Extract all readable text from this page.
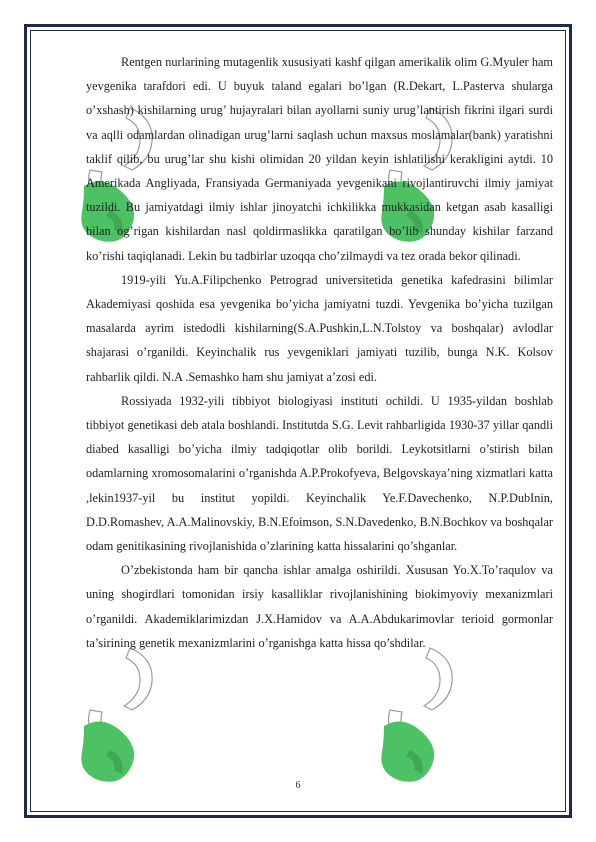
Rentgen nurlarining mutagenlik xususiyati kashf qilgan amerikalik olim G.Myuler ham yevgenika tarafdori edi. U buyuk taland egalari bo’lgan (R.Dekart, L.Pasterva shularga o’xshash) kishilarning urug’ hujayralari bilan ayollarni suniy urug’lantirish fikrini ilgari surdi va aqlli odamlardan olinadigan urug’larni saqlash uchun maxsus moslamalar(bank) yaratishni taklif qilib, bu urug’lar shu kishi olimidan 20 yildan keyin ishlatilishi kerakligini aytdi. 10 Amerikada Angliyada, Fransiyada Germaniyada yevgenikani rivojlantiruvchi ilmiy jamiyat tuzildi. Bu jamiyatdagi ilmiy ishlar jinoyatchi ichkilikka mukkasidan ketgan asab kasalligi bilan og’rigan kishilardan nasl qoldirmaslikka qaratilgan bo’lib shunday kishilar farzand ko’rishi taqiqlanadi. Lekin bu tadbirlar uzoqqa cho’zilmaydi va tez orada bekor qilinadi.

1919-yili Yu.A.Filipchenko Petrograd universitetida genetika kafedrasini bilimlar Akademiyasi qoshida esa yevgenika bo’yicha jamiyatni tuzdi. Yevgenika bo’yicha tuzilgan masalarda ayrim istedodli kishilarning(S.A.Pushkin,L.N.Tolstoy va boshqalar) avlodlar shajarasi o’rganildi. Keyinchalik rus yevgeniklari jamiyati tuzilib, bunga N.K. Kolsov rahbarlik qildi. N.A .Semashko ham shu jamiyat a’zosi edi.

Rossiyada 1932-yili tibbiyot biologiyasi instituti ochildi. U 1935-yildan boshlab tibbiyot genetikasi deb atala boshlandi. Institutda S.G. Levit rahbarligida 1930-37 yillar qandli diabed kasalligi bo’yicha ilmiy tadqiqotlar olib borildi. Leykotsitlarni o’stirish bilan odamlarning xromosomalarini o’rganishda A.P.Prokofyeva, Belgovskaya’ning xizmatlari katta ,lekin1937-yil bu institut yopildi. Keyinchalik Ye.F.Davechenko, N.P.DubInin, D.D.Romashev, A.A.Malinovskiy, B.N.Efoimson, S.N.Davedenko, B.N.Bochkov va boshqalar odam genitikasining rivojlanishida o’zlarining katta hissalarini qo’shganlar.

O’zbekistonda ham bir qancha ishlar amalga oshirildi. Xususan Yo.X.To’raqulov va uning shogirdlari tomonidan irsiy kasalliklar rivojlanishining biokimyoviy mexanizmlari o’rganildi. Akademiklarimizdan J.X.Hamidov va A.A.Abdukarimovlar terioid gormonlar ta’sirining genetik mexanizmlarini o’rganishga katta hissa qo’shdilar.

6
